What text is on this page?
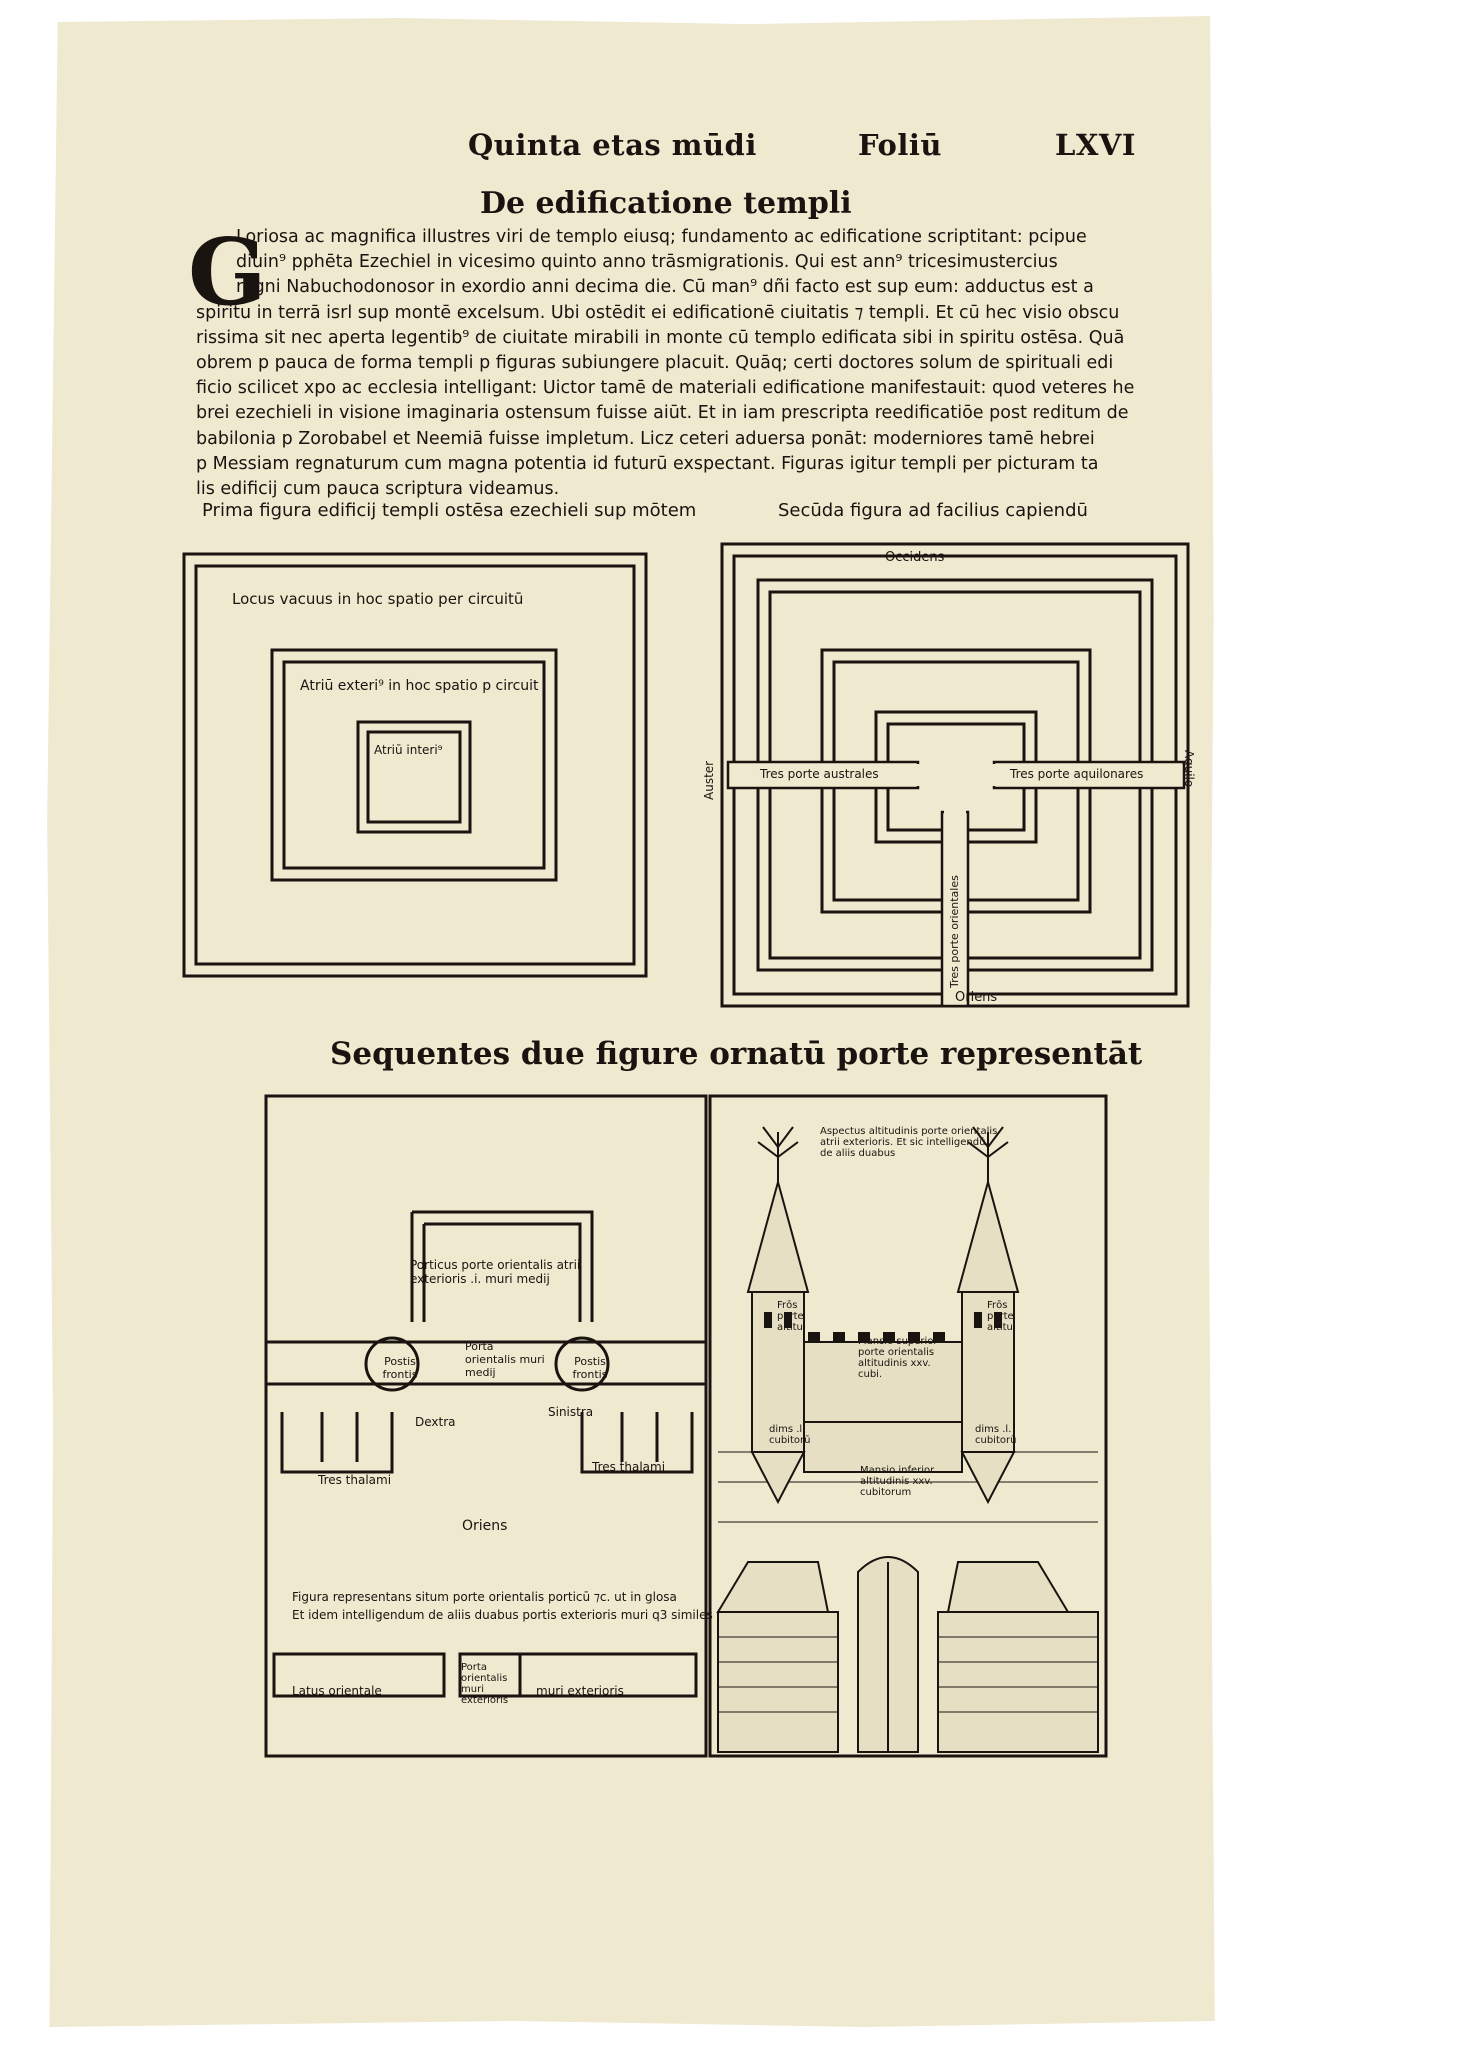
Quinta etas mūdi	Foliū	LXVI
De edificatione templi
G
Loriosa ac magnifica illustres viri de templo eiusq; fundamento ac edificatione scriptitant: pcipue
diuin⁹ pphēta Ezechiel in vicesimo quinto anno trāsmigrationis. Qui est ann⁹ tricesimustercius
regni Nabuchodonosor in exordio anni decima die. Cū man⁹ dñi facto est sup eum: adductus est a
spiritu in terrā isrl sup montē excelsum. Ubi ostēdit ei edificationē ciuitatis ⁊ templi. Et cū hec visio obscu
rissima sit nec aperta legentib⁹ de ciuitate mirabili in monte cū templo edificata sibi in spiritu ostēsa. Quā
obrem p pauca de forma templi p figuras subiungere placuit. Quāq; certi doctores solum de spirituali edi
ficio scilicet xpo ac ecclesia intelligant: Uictor tamē de materiali edificatione manifestauit: quod veteres he
brei ezechieli in visione imaginaria ostensum fuisse aiūt. Et in iam prescripta reedificatiōe post reditum de
babilonia p Zorobabel et Neemiā fuisse impletum. Licz ceteri aduersa ponāt: moderniores tamē hebrei
p Messiam regnaturum cum magna potentia id futurū exspectant. Figuras igitur templi per picturam ta
lis edificij cum pauca scriptura videamus.
Prima figura edificij templi ostēsa ezechieli sup mōtem	Secūda figura ad facilius capiendū
Locus vacuus in hoc spatio per circuitū
Atriū exteri⁹ in hoc spatio p circuit
Atriū interi⁹
Occidens
Oriens
Auster	Aquilo
Tres porte australes	Tres porte aquilonares
Tres porte orientales
Sequentes due figure ornatū porte representāt
Porticus porte orientalis atrii exterioris .i. muri medij
Postis frontis
Postis frontis
Porta orientalis muri medij
Dextra
Sinistra
Tres thalami
Tres thalami
Oriens
Figura representans situm porte orientalis porticū ⁊c. ut in glosa
Et idem intelligendum de aliis duabus portis exterioris muri q3 similes
Latus orientale
Porta orientalis muri exterioris
muri exterioris
Aspectus altitudinis porte orientalis atrii exterioris. Et sic intelligendū de aliis duabus
Frōs porte altitu
Frōs porte altitu
Mansio superior porte orientalis altitudinis xxv. cubi.
dims .l. cubitorū
dims .l. cubitorū
Mansio inferior altitudinis xxv. cubitorum
